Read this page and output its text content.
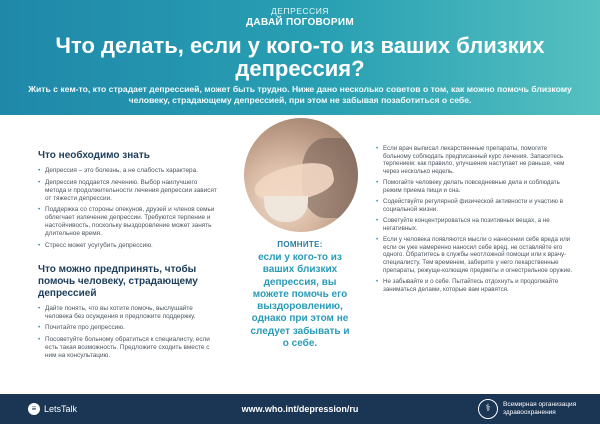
ДЕПРЕССИЯ
ДАВАЙ ПОГОВОРИМ
Что делать, если у кого-то из ваших близких депрессия?
Жить с кем-то, кто страдает депрессией, может быть трудно. Ниже дано несколько советов о том, как можно помочь близкому человеку, страдающему депрессией, при этом не забывая позаботиться о себе.
Что необходимо знать
• Депрессия – это болезнь, а не слабость характера.
• Депрессия поддается лечению. Выбор наилучшего метода и продолжительности лечения депрессии зависят от тяжести депрессии.
• Поддержка со стороны опекунов, друзей и членов семьи облегчает излечение депрессии. Требуются терпение и настойчивость, поскольку выздоровление может занять длительное время.
• Стресс может усугубить депрессию.
Что можно предпринять, чтобы помочь человеку, страдающему депрессией
• Дайте понять, что вы хотите помочь, выслушайте человека без осуждения и предложите поддержку.
• Почитайте про депрессию.
• Посоветуйте больному обратиться к специалисту, если есть такая возможность. Предложите сходить вместе с ним на консультацию.
ПОМНИТЕ:
если у кого-то из ваших близких депрессия, вы можете помочь его выздоровлению, однако при этом не следует забывать и о себе.
• Если врач выписал лекарственные препараты, помогите больному соблюдать предписанный курс лечения. Запаситесь терпением: как правило, улучшение наступает не раньше, чем через несколько недель.
• Помогайте человеку делать повседневные дела и соблюдать режим приема пищи и сна.
• Содействуйте регулярной физической активности и участию в социальной жизни.
• Советуйте концентрироваться на позитивных вещах, а не негативных.
• Если у человека появляются мысли о нанесении себе вреда или если он уже намеренно наносил себе вред, не оставляйте его одного. Обратитесь в службы неотложной помощи или к врачу-специалисту. Тем временем, заберите у него лекарственные препараты, режуще-колющие предметы и огнестрельное оружие.
• Не забывайте и о себе. Пытайтесь отдохнуть и продолжайте заниматься делами, которые вам нравятся.
≡ LetsTalk	www.who.int/depression/ru	⚕	Всемирная организация здравоохранения
